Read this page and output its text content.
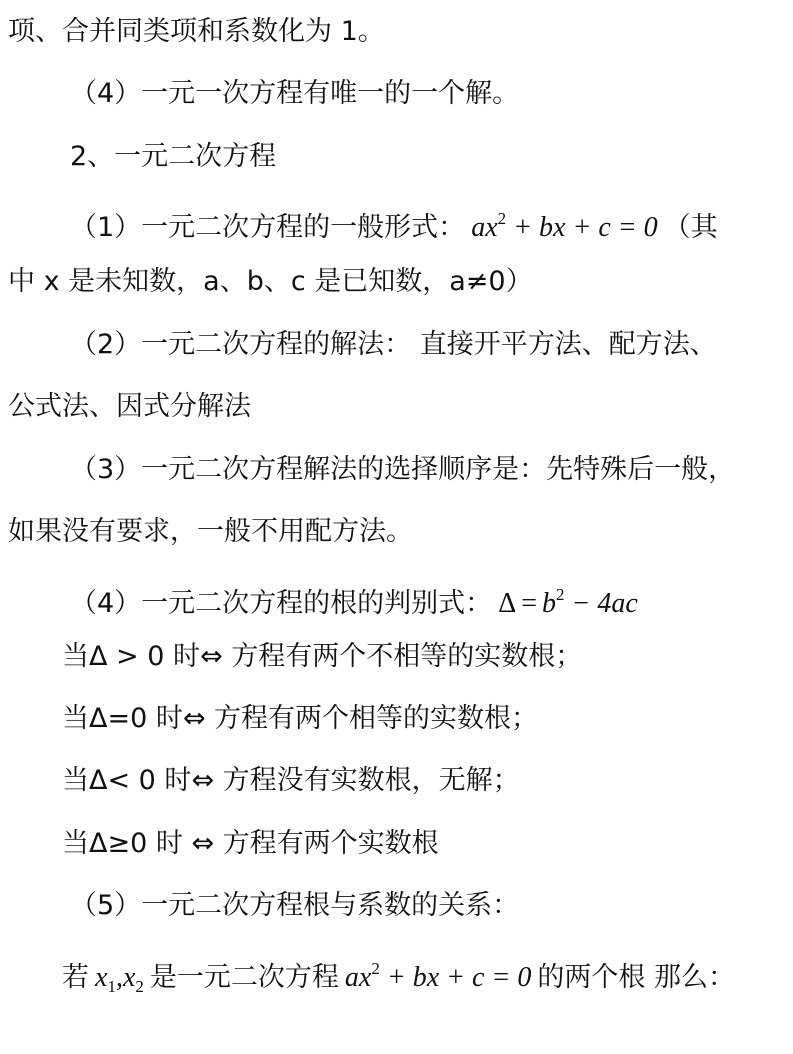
项、合并同类项和系数化为 1。
（4）一元一次方程有唯一的一个解。
2、一元二次方程
（1）一元二次方程的一般形式： $ax^2$ + bx + c = 0 （其
中 x 是未知数，a、b、c 是已知数，a≠0）
（2）一元二次方程的解法： 直接开平方法、配方法、
公式法、因式分解法
（3）一元二次方程解法的选择顺序是：先特殊后一般，
如果没有要求，一般不用配方法。
（4）一元二次方程的根的判别式： $\Delta = b^2 - 4ac$
当Δ > 0 时⇔ 方程有两个不相等的实数根；
当Δ=0 时⇔ 方程有两个相等的实数根；
当Δ< 0 时⇔ 方程没有实数根，无解；
当Δ≥0 时 ⇔ 方程有两个实数根
（5）一元二次方程根与系数的关系：
若 $x_1,x_2$ 是一元二次方程 $ax^2$ + bx + c = 0 的两个根 那么：
